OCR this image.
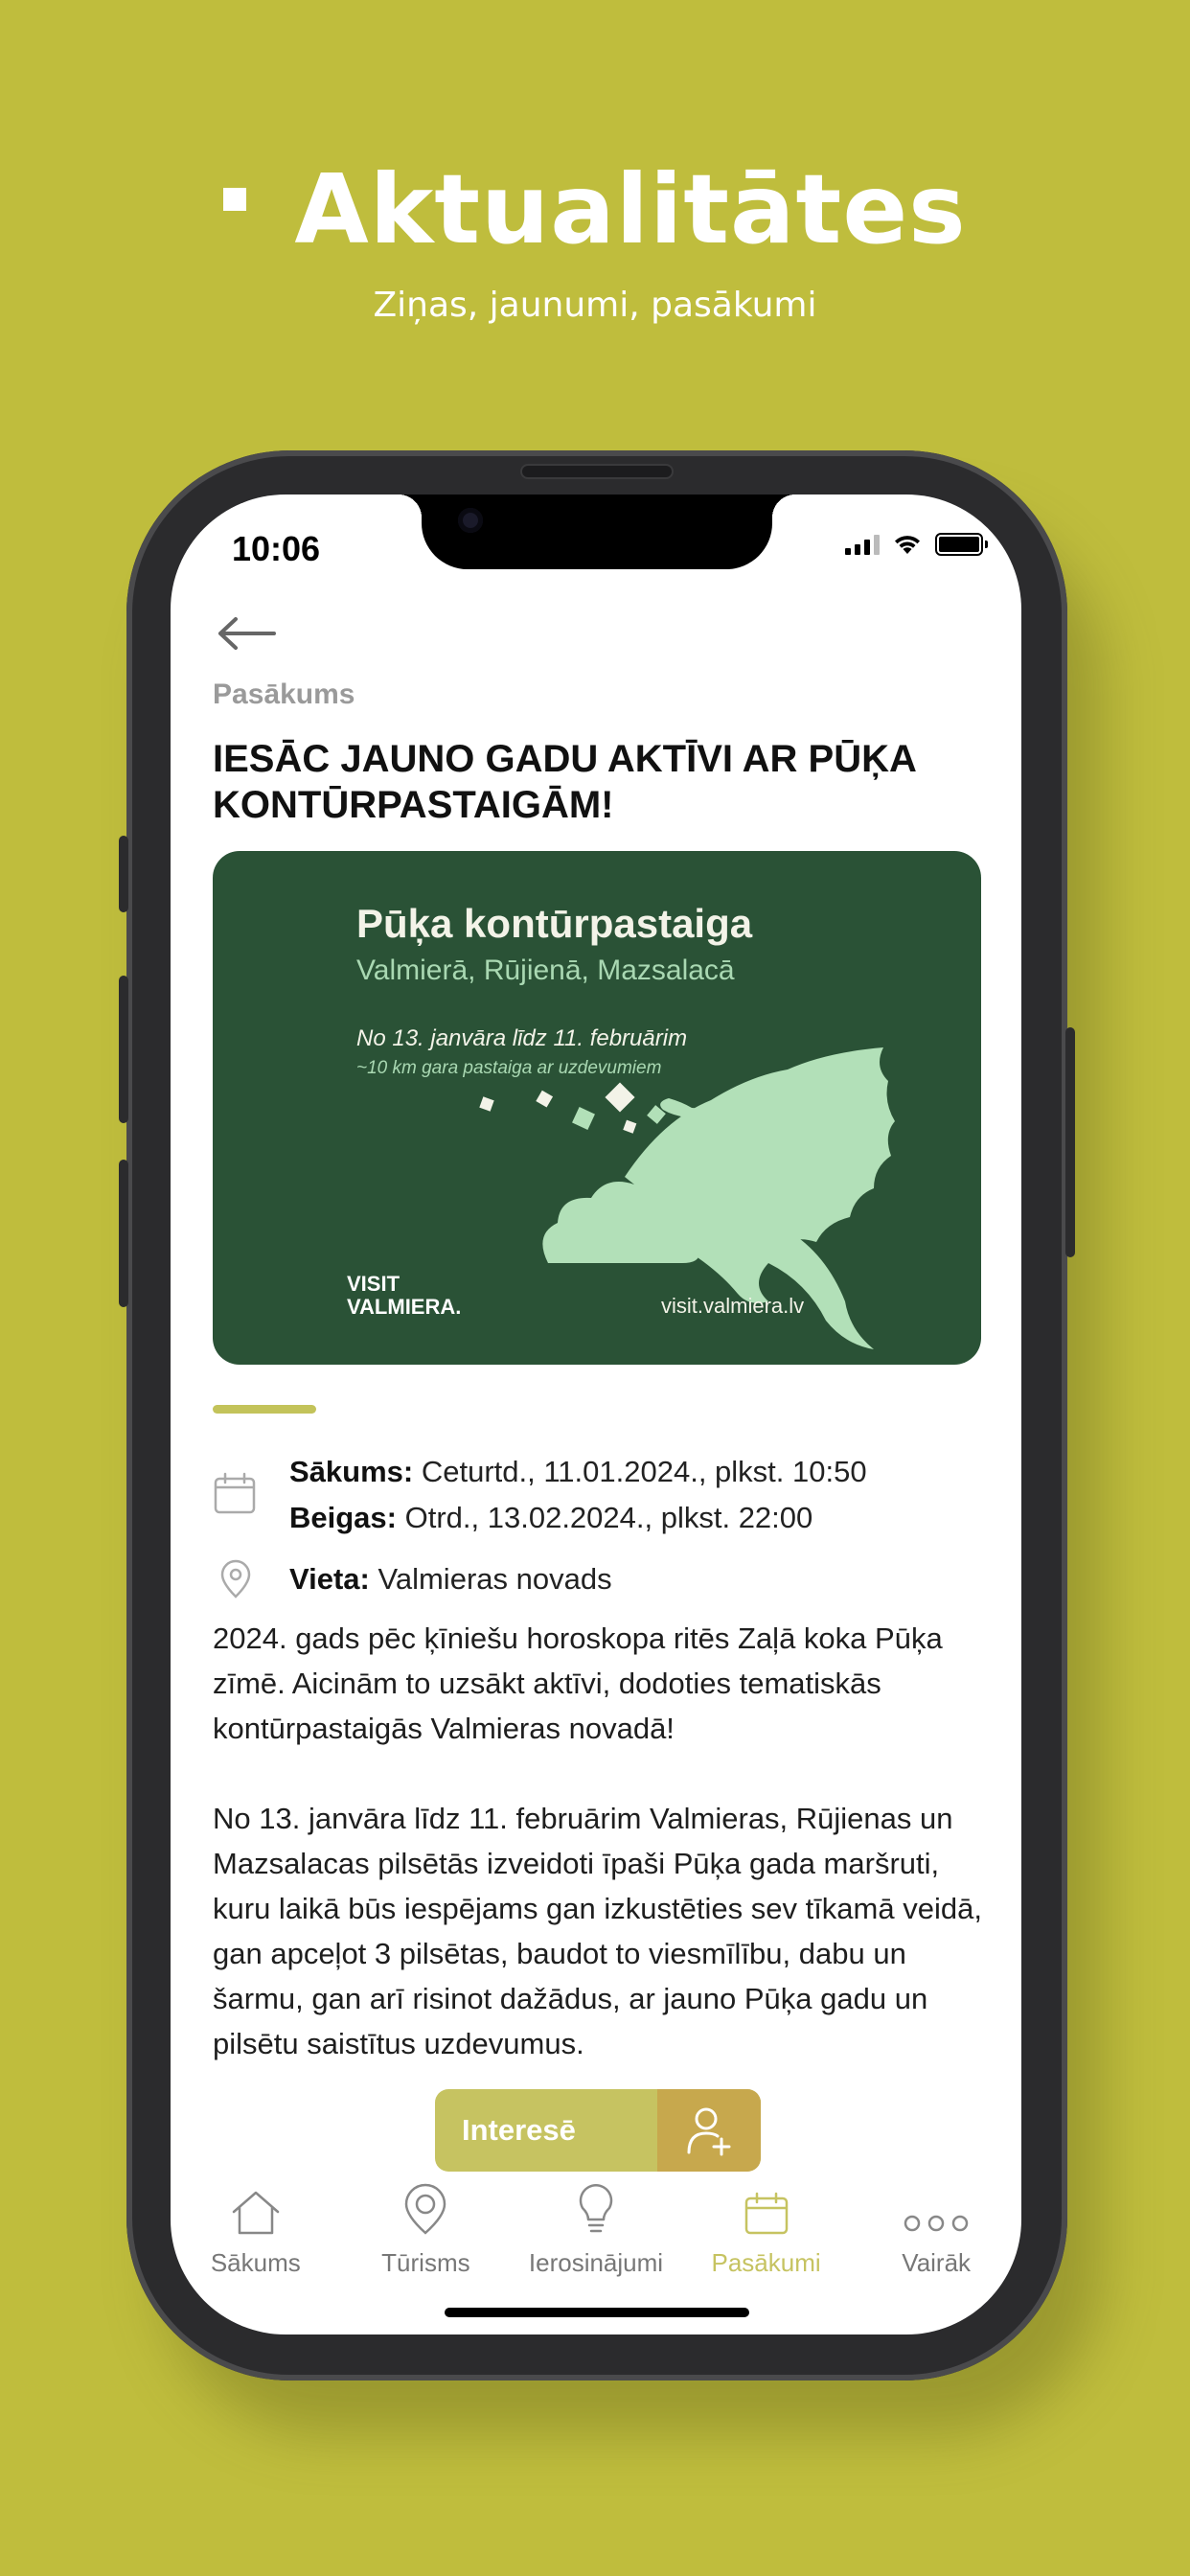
Aktualitātes
Ziņas, jaunumi, pasākumi
10:06
Pasākums
IESĀC JAUNO GADU AKTĪVI AR PŪĶA KONTŪRPASTAIGĀM!
Pūķa kontūrpastaiga
Valmierā, Rūjienā, Mazsalacā
No 13. janvāra līdz 11. februārim
~10 km gara pastaiga ar uzdevumiem
VISIT
VALMIERA.	visit.valmiera.lv
Sākums: Ceturtd., 11.01.2024., plkst. 10:50
Beigas: Otrd., 13.02.2024., plkst. 22:00
Vieta: Valmieras novads

2024. gads pēc ķīniešu horoskopa ritēs Zaļā koka Pūķa zīmē. Aicinām to uzsākt aktīvi, dodoties tematiskās kontūrpastaigās Valmieras novadā!

No 13. janvāra līdz 11. februārim Valmieras, Rūjienas un Mazsalacas pilsētās izveidoti īpaši Pūķa gada maršruti, kuru laikā būs iespējams gan izkustēties sev tīkamā veidā, gan apceļot 3 pilsētas, baudot to viesmīlību, dabu un šarmu, gan arī risinot dažādus, ar jauno Pūķa gadu un pilsētu saistītus uzdevumus.

Interesē
Sākums	Tūrisms Ierosinājumi Pasākumi	Vairāk
